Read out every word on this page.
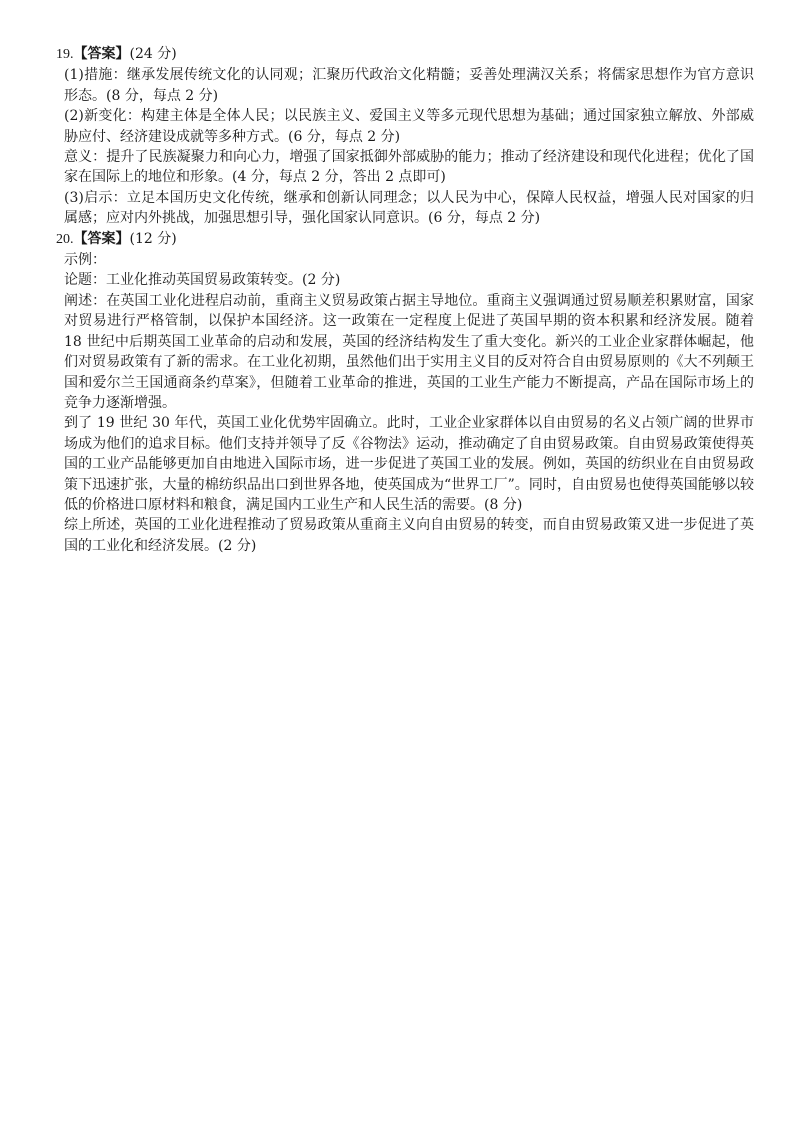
19.【答案】(24 分)

(1)措施：继承发展传统文化的认同观；汇聚历代政治文化精髓；妥善处理满汉关系；将儒家思想作为官方意识形态。(8 分，每点 2 分)

(2)新变化：构建主体是全体人民；以民族主义、爱国主义等多元现代思想为基础；通过国家独立解放、外部威胁应付、经济建设成就等多种方式。(6 分，每点 2 分)

意义：提升了民族凝聚力和向心力，增强了国家抵御外部威胁的能力；推动了经济建设和现代化进程；优化了国家在国际上的地位和形象。(4 分，每点 2 分，答出 2 点即可)

(3)启示：立足本国历史文化传统，继承和创新认同理念；以人民为中心，保障人民权益，增强人民对国家的归属感；应对内外挑战，加强思想引导，强化国家认同意识。(6 分，每点 2 分)

20.【答案】(12 分)

示例：

论题：工业化推动英国贸易政策转变。(2 分)

阐述：在英国工业化进程启动前，重商主义贸易政策占据主导地位。重商主义强调通过贸易顺差积累财富，国家对贸易进行严格管制，以保护本国经济。这一政策在一定程度上促进了英国早期的资本积累和经济发展。随着 18 世纪中后期英国工业革命的启动和发展，英国的经济结构发生了重大变化。新兴的工业企业家群体崛起，他们对贸易政策有了新的需求。在工业化初期，虽然他们出于实用主义目的反对符合自由贸易原则的《大不列颠王国和爱尔兰王国通商条约草案》，但随着工业革命的推进，英国的工业生产能力不断提高，产品在国际市场上的竞争力逐渐增强。

到了 19 世纪 30 年代，英国工业化优势牢固确立。此时，工业企业家群体以自由贸易的名义占领广阔的世界市场成为他们的追求目标。他们支持并领导了反《谷物法》运动，推动确定了自由贸易政策。自由贸易政策使得英国的工业产品能够更加自由地进入国际市场，进一步促进了英国工业的发展。例如，英国的纺织业在自由贸易政策下迅速扩张，大量的棉纺织品出口到世界各地，使英国成为“世界工厂”。同时，自由贸易也使得英国能够以较低的价格进口原材料和粮食，满足国内工业生产和人民生活的需要。(8 分)

综上所述，英国的工业化进程推动了贸易政策从重商主义向自由贸易的转变，而自由贸易政策又进一步促进了英国的工业化和经济发展。(2 分)
